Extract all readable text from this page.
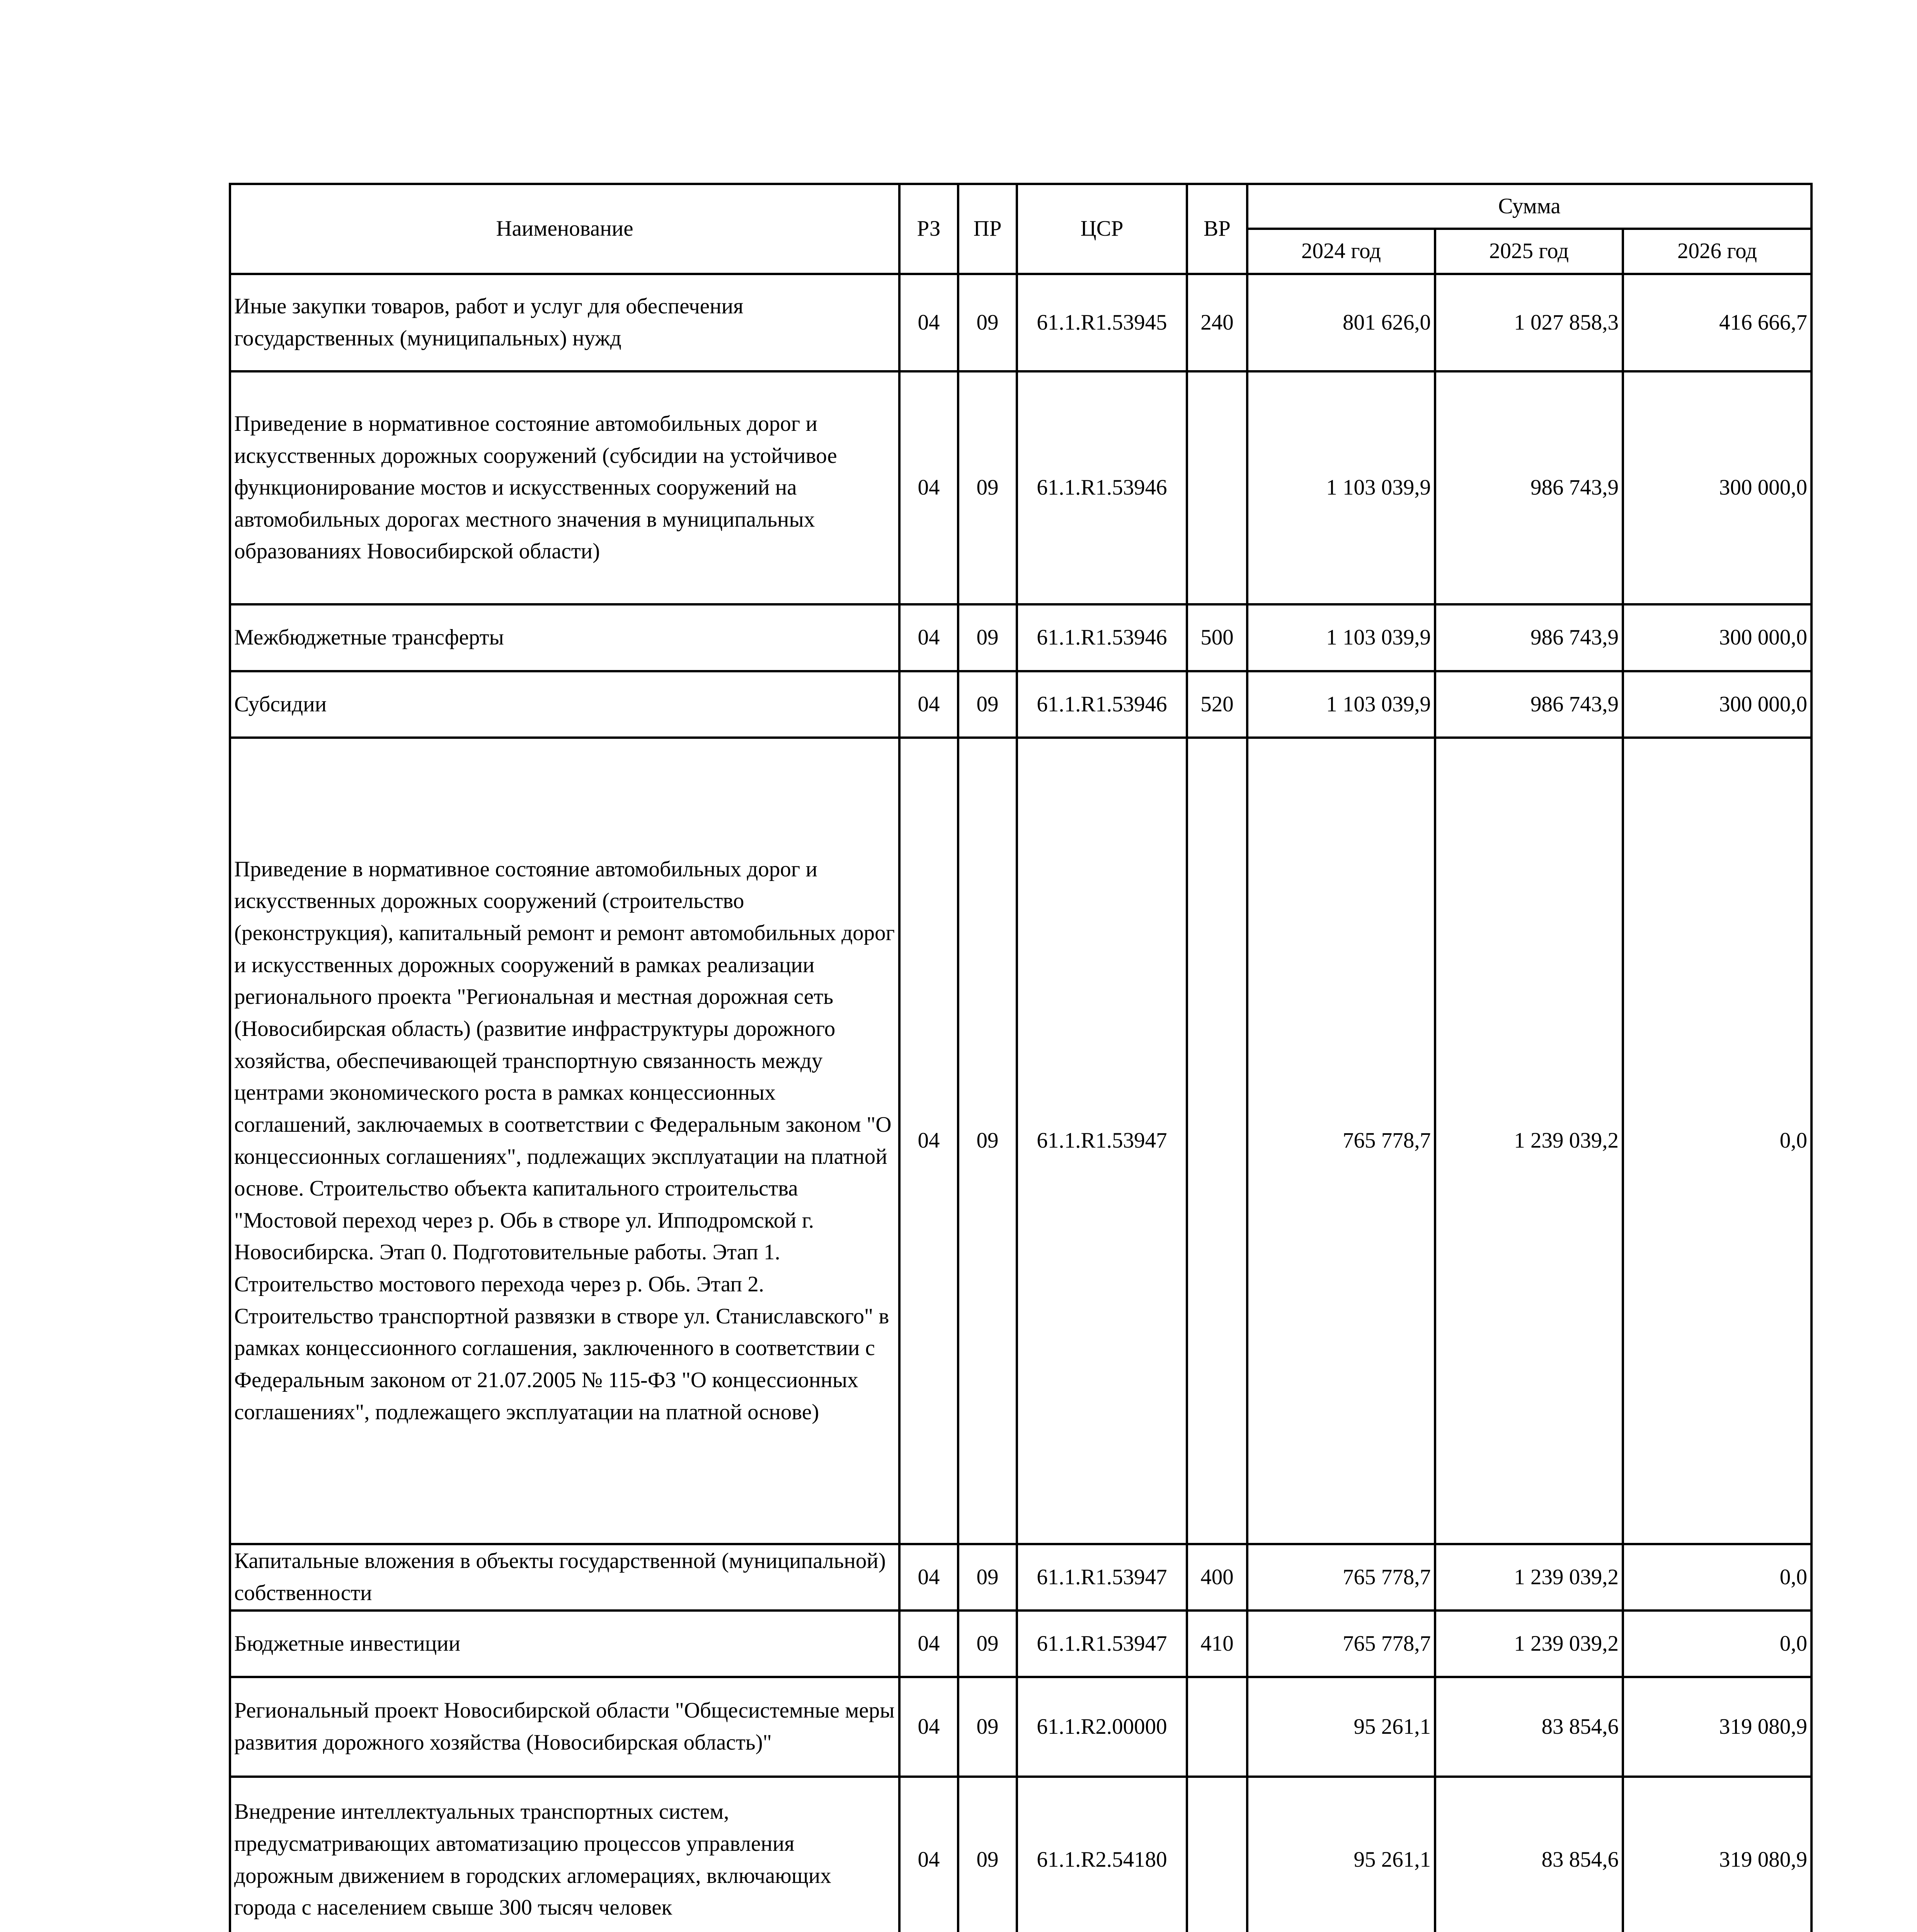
Наименование	РЗ	ПР	ЦСР	ВР	Сумма		
					2024 год	2025 год	2026 год
Иные закупки товаров, работ и услуг для обеспечения государственных (муниципальных) нужд	04	09	61.1.R1.53945	240	801 626,0	1 027 858,3	416 666,7
Приведение в нормативное состояние автомобильных дорог и искусственных дорожных сооружений (субсидии на устойчивое функционирование мостов и искусственных сооружений на автомобильных дорогах местного значения в муниципальных образованиях Новосибирской области)	04	09	61.1.R1.53946		1 103 039,9	986 743,9	300 000,0
Межбюджетные трансферты	04	09	61.1.R1.53946	500	1 103 039,9	986 743,9	300 000,0
Субсидии	04	09	61.1.R1.53946	520	1 103 039,9	986 743,9	300 000,0
Приведение в нормативное состояние автомобильных дорог и искусственных дорожных сооружений (строительство (реконструкция), капитальный ремонт и ремонт автомобильных дорог и искусственных дорожных сооружений в рамках реализации регионального проекта "Региональная и местная дорожная сеть (Новосибирская область) (развитие инфраструктуры дорожного хозяйства, обеспечивающей транспортную связанность между центрами экономического роста в рамках концессионных соглашений, заключаемых в соответствии с Федеральным законом "О концессионных соглашениях", подлежащих эксплуатации на платной основе. Строительство объекта капитального строительства "Мостовой переход через р. Обь в створе ул. Ипподромской г. Новосибирска. Этап 0. Подготовительные работы. Этап 1. Строительство мостового перехода через р. Обь. Этап 2. Строительство транспортной развязки в створе ул. Станиславского" в рамках концессионного соглашения, заключенного в соответствии с Федеральным законом от 21.07.2005 № 115-ФЗ "О концессионных соглашениях", подлежащего эксплуатации на платной основе)	04	09	61.1.R1.53947		765 778,7	1 239 039,2	0,0
Капитальные вложения в объекты государственной (муниципальной) собственности	04	09	61.1.R1.53947	400	765 778,7	1 239 039,2	0,0
Бюджетные инвестиции	04	09	61.1.R1.53947	410	765 778,7	1 239 039,2	0,0
Региональный проект Новосибирской области "Общесистемные меры развития дорожного хозяйства (Новосибирская область)"	04	09	61.1.R2.00000		95 261,1	83 854,6	319 080,9
Внедрение интеллектуальных транспортных систем, предусматривающих автоматизацию процессов управления дорожным движением в городских агломерациях, включающих города с населением свыше 300 тысяч человек	04	09	61.1.R2.54180		95 261,1	83 854,6	319 080,9
